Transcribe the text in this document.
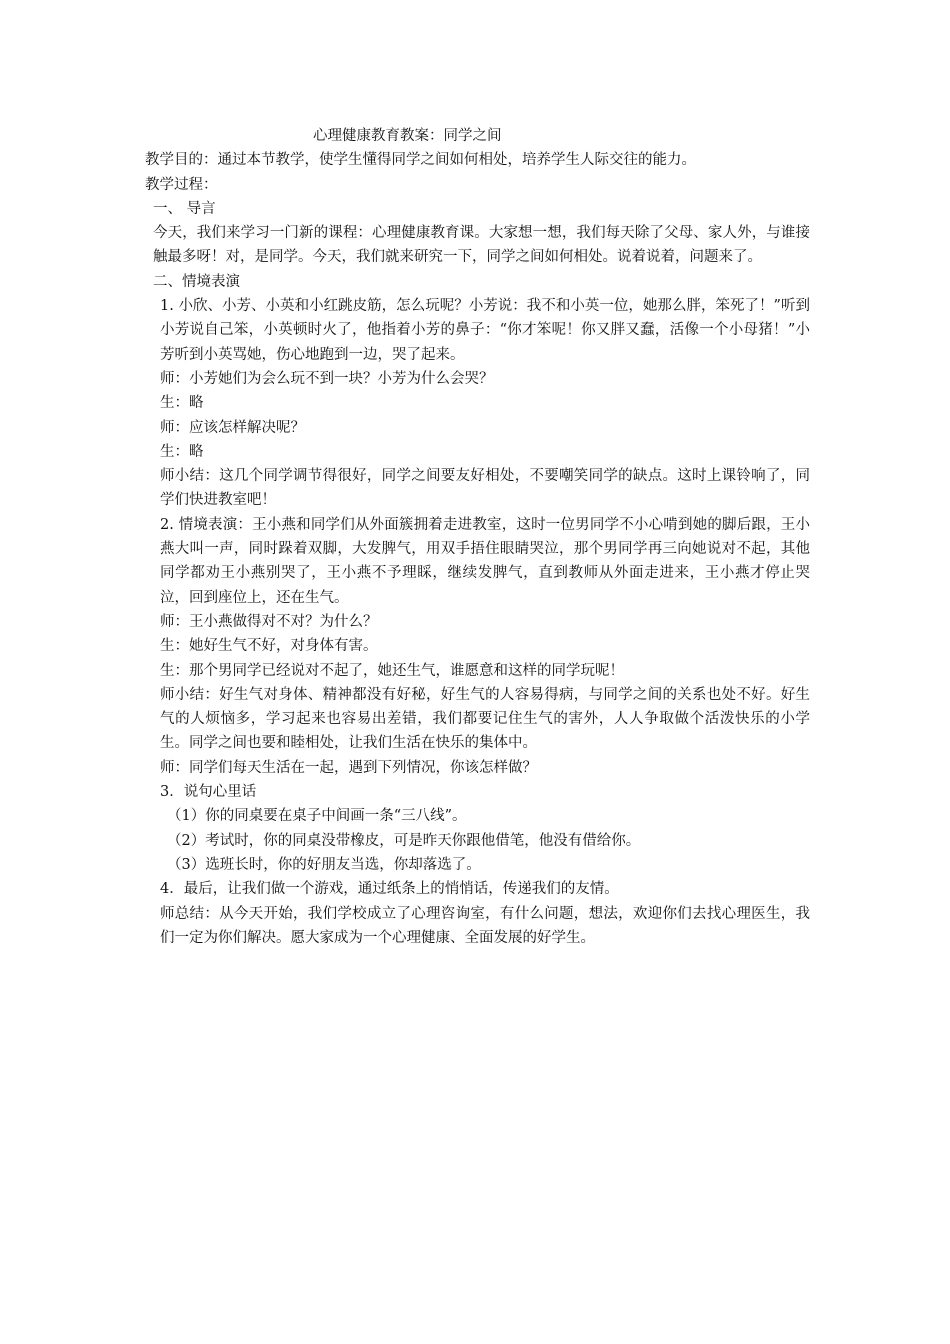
心理健康教育教案：同学之间

教学目的：通过本节教学，使学生懂得同学之间如何相处，培养学生人际交往的能力。

教学过程：

一、 导言

今天，我们来学习一门新的课程：心理健康教育课。大家想一想，我们每天除了父母、家人外，与谁接触最多呀！对，是同学。今天，我们就来研究一下，同学之间如何相处。说着说着，问题来了。

二、情境表演

1. 小欣、小芳、小英和小红跳皮筋，怎么玩呢？小芳说：我不和小英一位，她那么胖，笨死了！”听到小芳说自己笨，小英顿时火了，他指着小芳的鼻子：“你才笨呢！你又胖又蠢，活像一个小母猪！”小芳听到小英骂她，伤心地跑到一边，哭了起来。

师：小芳她们为会么玩不到一块？小芳为什么会哭？

生：略

师：应该怎样解决呢？

生：略

师小结：这几个同学调节得很好，同学之间要友好相处，不要嘲笑同学的缺点。这时上课铃响了，同学们快进教室吧！

2. 情境表演：王小燕和同学们从外面簇拥着走进教室，这时一位男同学不小心啃到她的脚后跟，王小燕大叫一声，同时跺着双脚，大发脾气，用双手捂住眼睛哭泣，那个男同学再三向她说对不起，其他同学都劝王小燕别哭了，王小燕不予理睬，继续发脾气，直到教师从外面走进来，王小燕才停止哭泣，回到座位上，还在生气。

师：王小燕做得对不对？为什么？

生：她好生气不好，对身体有害。

生：那个男同学已经说对不起了，她还生气，谁愿意和这样的同学玩呢！

师小结：好生气对身体、精神都没有好秘，好生气的人容易得病，与同学之间的关系也处不好。好生气的人烦恼多，学习起来也容易出差错，我们都要记住生气的害外，人人争取做个活泼快乐的小学生。同学之间也要和睦相处，让我们生活在快乐的集体中。

师：同学们每天生活在一起，遇到下列情况，你该怎样做？

3．说句心里话

（1）你的同桌要在桌子中间画一条“三八线”。

（2）考试时，你的同桌没带橡皮，可是昨天你跟他借笔，他没有借给你。

（3）选班长时，你的好朋友当选，你却落选了。

4．最后，让我们做一个游戏，通过纸条上的悄悄话，传递我们的友情。

师总结：从今天开始，我们学校成立了心理咨询室，有什么问题，想法，欢迎你们去找心理医生，我们一定为你们解决。愿大家成为一个心理健康、全面发展的好学生。
